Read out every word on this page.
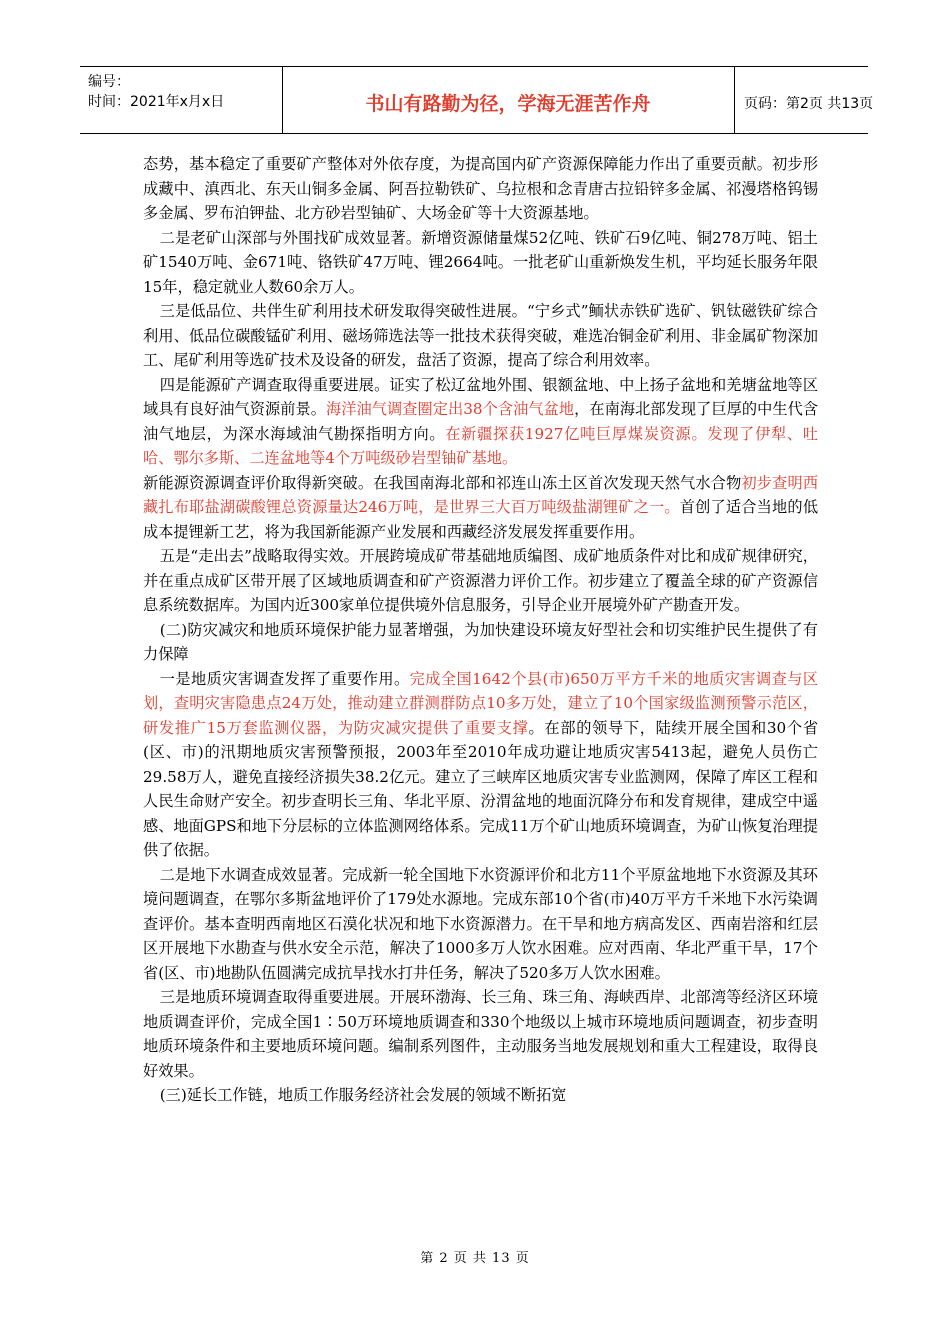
编号：
时间：2021年x月x日	书山有路勤为径，学海无涯苦作舟	页码：第2页 共13页

态势，基本稳定了重要矿产整体对外依存度，为提高国内矿产资源保障能力作出了重要贡献。初步形成藏中、滇西北、东天山铜多金属、阿吾拉勒铁矿、乌拉根和念青唐古拉铅锌多金属、祁漫塔格钨锡多金属、罗布泊钾盐、北方砂岩型铀矿、大场金矿等十大资源基地。

二是老矿山深部与外围找矿成效显著。新增资源储量煤52亿吨、铁矿石9亿吨、铜278万吨、铝土矿1540万吨、金671吨、铬铁矿47万吨、锂2664吨。一批老矿山重新焕发生机，平均延长服务年限15年，稳定就业人数60余万人。

三是低品位、共伴生矿利用技术研发取得突破性进展。“宁乡式”鲕状赤铁矿选矿、钒钛磁铁矿综合利用、低品位碳酸锰矿利用、磁场筛选法等一批技术获得突破，难选冶铜金矿利用、非金属矿物深加工、尾矿利用等选矿技术及设备的研发，盘活了资源，提高了综合利用效率。

四是能源矿产调查取得重要进展。证实了松辽盆地外围、银额盆地、中上扬子盆地和羌塘盆地等区域具有良好油气资源前景。海洋油气调查圈定出38个含油气盆地，在南海北部发现了巨厚的中生代含油气地层，为深水海域油气勘探指明方向。在新疆探获1927亿吨巨厚煤炭资源。发现了伊犁、吐哈、鄂尔多斯、二连盆地等4个万吨级砂岩型铀矿基地。

新能源资源调查评价取得新突破。在我国南海北部和祁连山冻土区首次发现天然气水合物初步查明西藏扎布耶盐湖碳酸锂总资源量达246万吨，是世界三大百万吨级盐湖锂矿之一。首创了适合当地的低成本提锂新工艺，将为我国新能源产业发展和西藏经济发展发挥重要作用。

五是“走出去”战略取得实效。开展跨境成矿带基础地质编图、成矿地质条件对比和成矿规律研究，并在重点成矿区带开展了区域地质调查和矿产资源潜力评价工作。初步建立了覆盖全球的矿产资源信息系统数据库。为国内近300家单位提供境外信息服务，引导企业开展境外矿产勘查开发。

(二)防灾减灾和地质环境保护能力显著增强，为加快建设环境友好型社会和切实维护民生提供了有力保障

一是地质灾害调查发挥了重要作用。完成全国1642个县(市)650万平方千米的地质灾害调查与区划，查明灾害隐患点24万处，推动建立群测群防点10多万处，建立了10个国家级监测预警示范区，研发推广15万套监测仪器，为防灾减灾提供了重要支撑。在部的领导下，陆续开展全国和30个省(区、市)的汛期地质灾害预警预报，2003年至2010年成功避让地质灾害5413起，避免人员伤亡29.58万人，避免直接经济损失38.2亿元。建立了三峡库区地质灾害专业监测网，保障了库区工程和人民生命财产安全。初步查明长三角、华北平原、汾渭盆地的地面沉降分布和发育规律，建成空中遥感、地面GPS和地下分层标的立体监测网络体系。完成11万个矿山地质环境调查，为矿山恢复治理提供了依据。

二是地下水调查成效显著。完成新一轮全国地下水资源评价和北方11个平原盆地地下水资源及其环境问题调查，在鄂尔多斯盆地评价了179处水源地。完成东部10个省(市)40万平方千米地下水污染调查评价。基本查明西南地区石漠化状况和地下水资源潜力。在干旱和地方病高发区、西南岩溶和红层区开展地下水勘查与供水安全示范，解决了1000多万人饮水困难。应对西南、华北严重干旱，17个省(区、市)地勘队伍圆满完成抗旱找水打井任务，解决了520多万人饮水困难。

三是地质环境调查取得重要进展。开展环渤海、长三角、珠三角、海峡西岸、北部湾等经济区环境地质调查评价，完成全国1∶50万环境地质调查和330个地级以上城市环境地质问题调查，初步查明地质环境条件和主要地质环境问题。编制系列图件，主动服务当地发展规划和重大工程建设，取得良好效果。

(三)延长工作链，地质工作服务经济社会发展的领域不断拓宽

第 2 页 共 13 页
